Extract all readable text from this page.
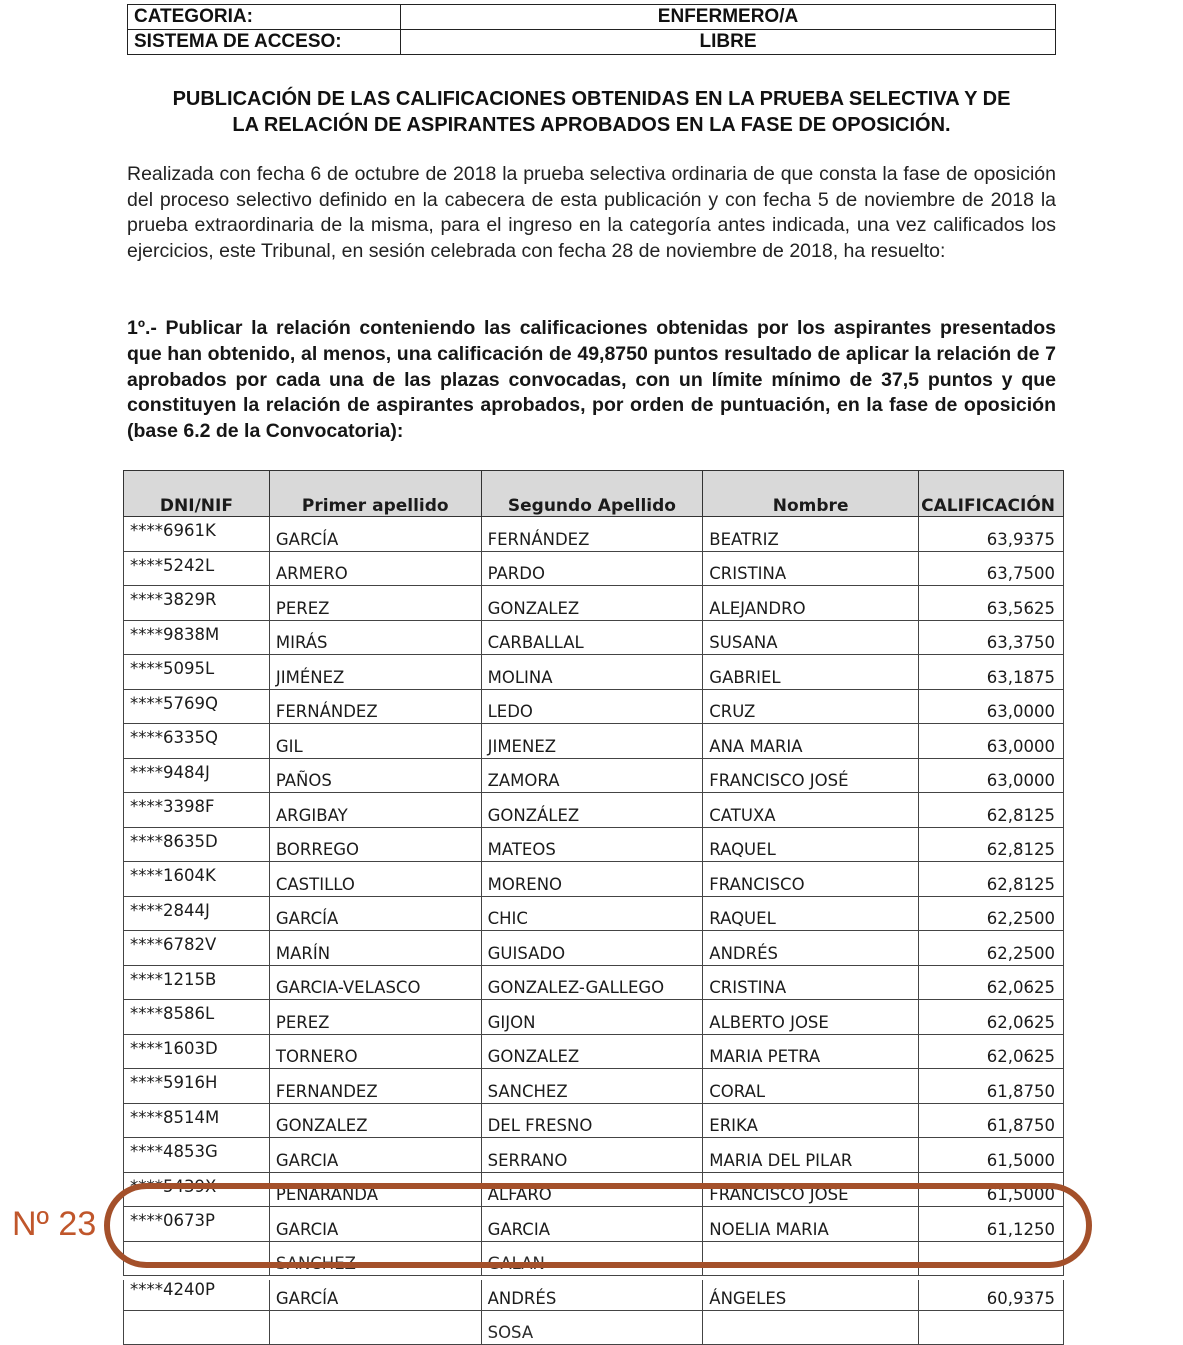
CATEGORIA:	ENFERMERO/A
SISTEMA DE ACCESO:	LIBRE
PUBLICACIÓN DE LAS CALIFICACIONES OBTENIDAS EN LA PRUEBA SELECTIVA Y DE
LA RELACIÓN DE ASPIRANTES APROBADOS EN LA FASE DE OPOSICIÓN.
Realizada con fecha 6 de octubre de 2018 la prueba selectiva ordinaria de que consta la fase de oposición del proceso selectivo definido en la cabecera de esta publicación y con fecha 5 de noviembre de 2018 la prueba extraordinaria de la misma, para el ingreso en la categoría antes indicada, una vez calificados los ejercicios, este Tribunal, en sesión celebrada con fecha 28 de noviembre de 2018, ha resuelto:
1º.- Publicar la relación conteniendo las calificaciones obtenidas por los aspirantes presentados que han obtenido, al menos, una calificación de 49,8750 puntos resultado de aplicar la relación de 7 aprobados por cada una de las plazas convocadas, con un límite mínimo de 37,5 puntos y que constituyen la relación de aspirantes aprobados, por orden de puntuación, en la fase de oposición (base 6.2 de la Convocatoria):
DNI/NIF	Primer apellido	Segundo Apellido	Nombre	CALIFICACIÓN
****6961K	GARCÍA	FERNÁNDEZ	BEATRIZ	63,9375
****5242L	ARMERO	PARDO	CRISTINA	63,7500
****3829R	PEREZ	GONZALEZ	ALEJANDRO	63,5625
****9838M	MIRÁS	CARBALLAL	SUSANA	63,3750
****5095L	JIMÉNEZ	MOLINA	GABRIEL	63,1875
****5769Q	FERNÁNDEZ	LEDO	CRUZ	63,0000
****6335Q	GIL	JIMENEZ	ANA MARIA	63,0000
****9484J	PAÑOS	ZAMORA	FRANCISCO JOSÉ	63,0000
****3398F	ARGIBAY	GONZÁLEZ	CATUXA	62,8125
****8635D	BORREGO	MATEOS	RAQUEL	62,8125
****1604K	CASTILLO	MORENO	FRANCISCO	62,8125
****2844J	GARCÍA	CHIC	RAQUEL	62,2500
****6782V	MARÍN	GUISADO	ANDRÉS	62,2500
****1215B	GARCIA-VELASCO	GONZALEZ-GALLEGO	CRISTINA	62,0625
****8586L	PEREZ	GIJON	ALBERTO JOSE	62,0625
****1603D	TORNERO	GONZALEZ	MARIA PETRA	62,0625
****5916H	FERNANDEZ	SANCHEZ	CORAL	61,8750
****8514M	GONZALEZ	DEL FRESNO	ERIKA	61,8750
****4853G	GARCIA	SERRANO	MARIA DEL PILAR	61,5000
****5439X	PEÑARANDA	ALFARO	FRANCISCO JOSE	61,5000
****0673P	GARCIA	GARCIA	NOELIA MARIA	61,1250
	SANCHEZ	GALAN		
****4240P	GARCÍA	ANDRÉS	ÁNGELES	60,9375
		SOSA		
Nº 23
